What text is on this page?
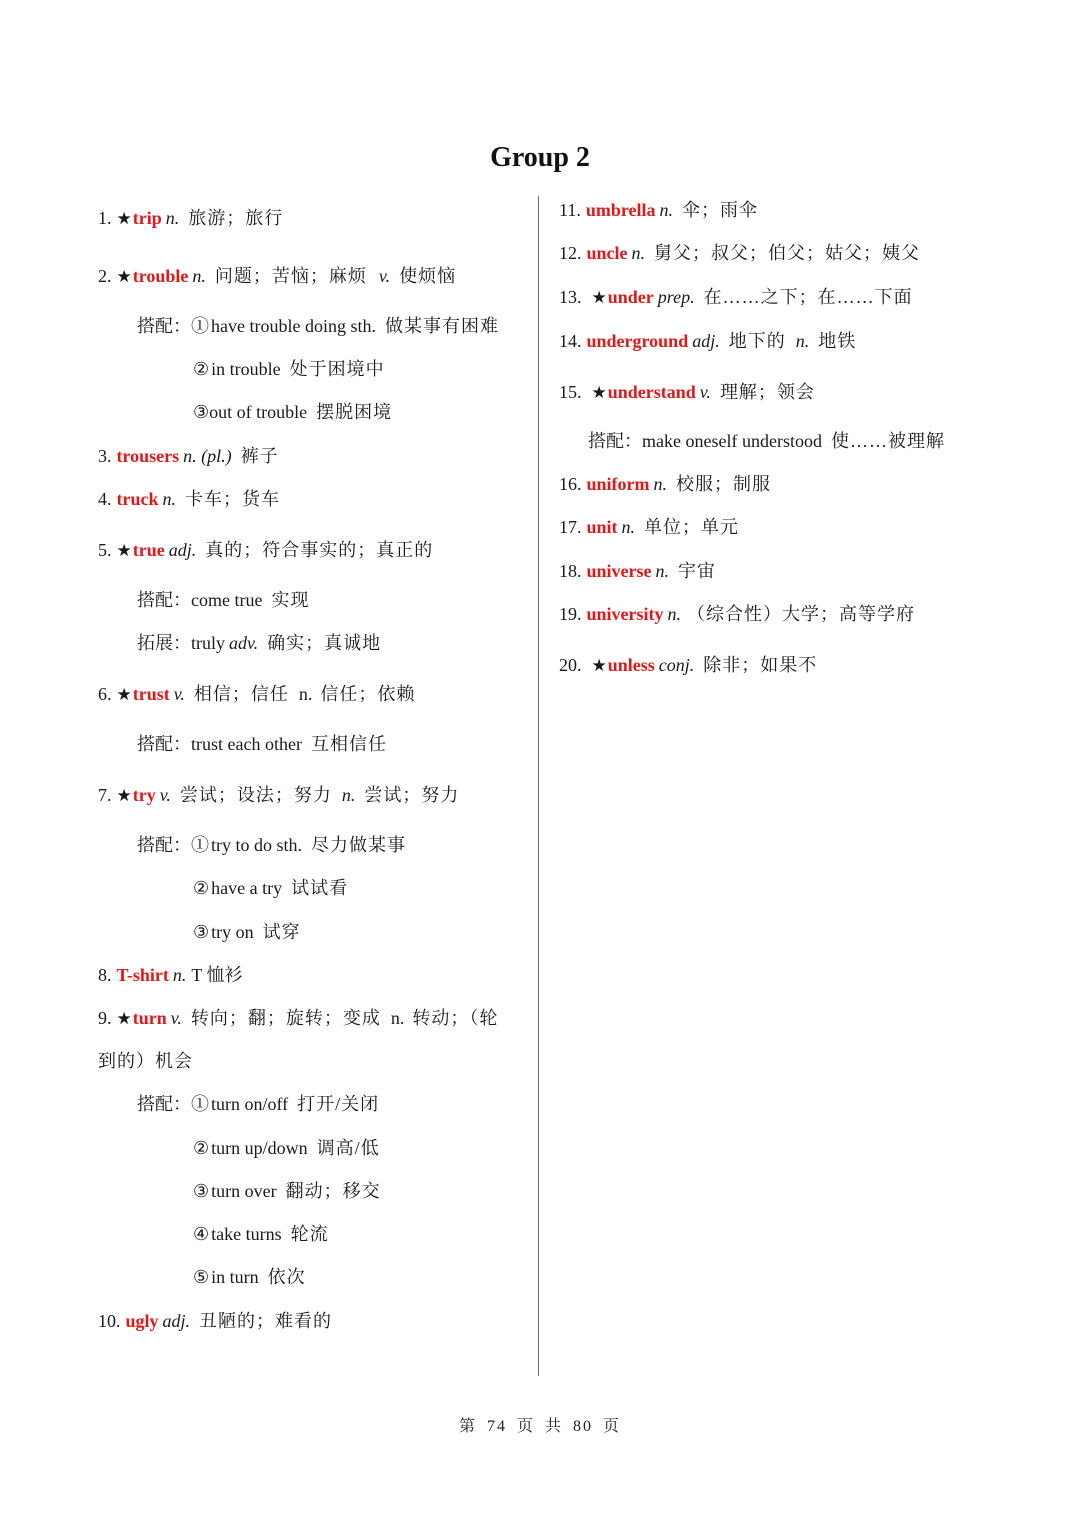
Group 2
1. ★trip n. 旅游；旅行
2. ★trouble n. 问题；苦恼；麻烦 v. 使烦恼
搭配：① have trouble doing sth. 做某事有困难
② in trouble 处于困境中
③out of trouble 摆脱困境
3. trousers n. (pl.) 裤子
4. truck n. 卡车；货车
5. ★true adj. 真的；符合事实的；真正的
搭配：come true 实现
拓展：truly adv. 确实；真诚地
6. ★trust v. 相信；信任 n. 信任；依赖
搭配：trust each other 互相信任
7. ★try v. 尝试；设法；努力 n. 尝试；努力
搭配：① try to do sth. 尽力做某事
② have a try 试试看
③ try on 试穿
8. T-shirt n. T 恤衫
9. ★turn v. 转向；翻；旋转；变成 n. 转动；（轮
到的）机会
搭配：① turn on/off 打开/关闭
② turn up/down 调高/低
③ turn over 翻动；移交
④ take turns 轮流
⑤ in turn 依次
10. ugly adj. 丑陋的；难看的
11. umbrella n. 伞；雨伞
12. uncle n. 舅父；叔父；伯父；姑父；姨父
13. ★under prep. 在……之下；在……下面
14. underground adj. 地下的 n. 地铁
15. ★understand v. 理解；领会
搭配：make oneself understood 使……被理解
16. uniform n. 校服；制服
17. unit n. 单位；单元
18. universe n. 宇宙
19. university n. （综合性）大学；高等学府
20. ★unless conj. 除非；如果不
第 74 页 共 80 页
